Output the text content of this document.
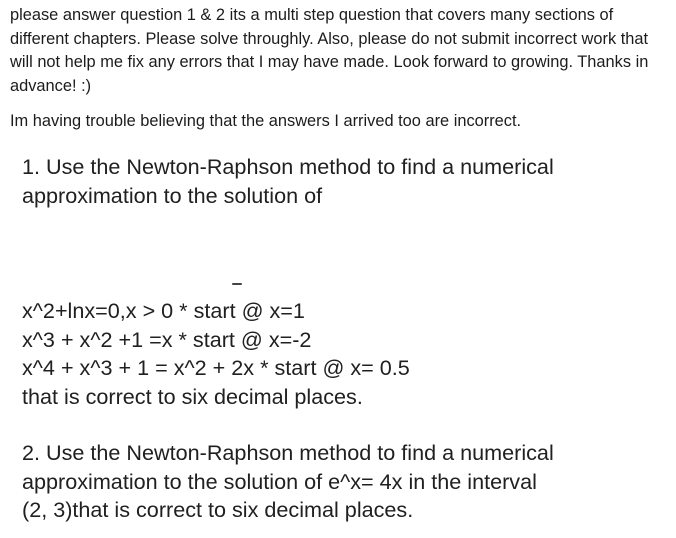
please answer question 1 & 2 its a multi step question that covers many sections of different chapters. Please solve throughly. Also, please do not submit incorrect work that will not help me fix any errors that I may have made. Look forward to growing. Thanks in advance! :)

Im having trouble believing that the answers I arrived too are incorrect.

1. Use the Newton-Raphson method to find a numerical

approximation to the solution of

x^2+lnx=0,x > 0 * start @ x=1

x^3 + x^2 +1 =x * start @ x=-2

x^4 + x^3 + 1 = x^2 + 2x * start @ x= 0.5

that is correct to six decimal places.

2. Use the Newton-Raphson method to find a numerical

approximation to the solution of e^x= 4x in the interval

(2, 3)that is correct to six decimal places.
